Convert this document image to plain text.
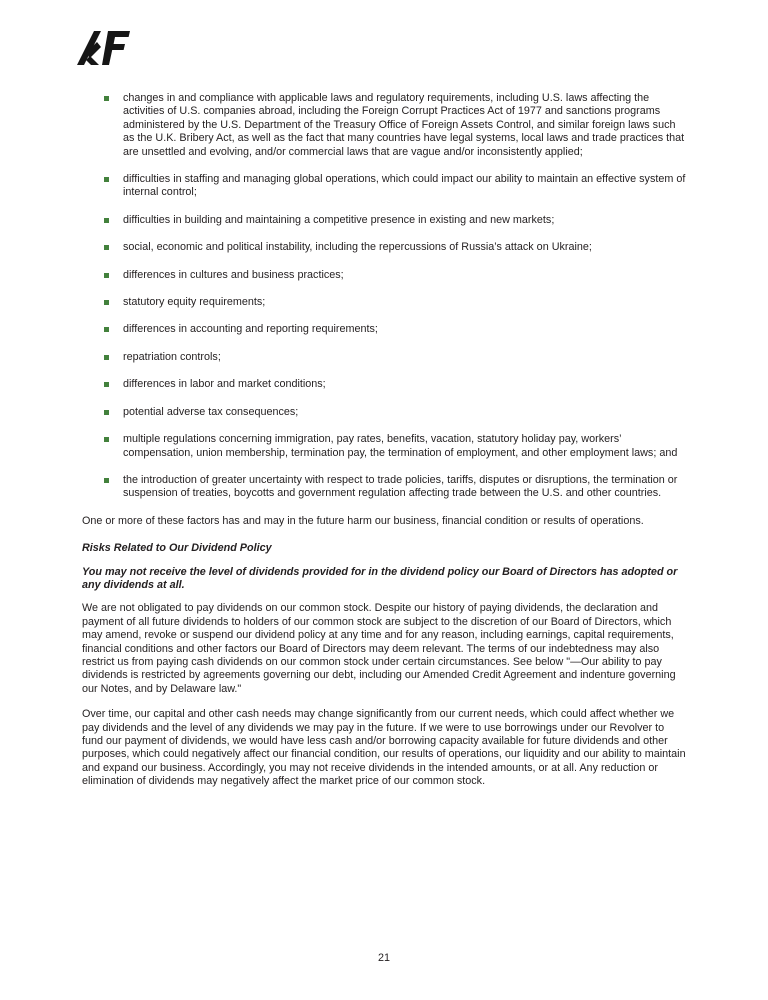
changes in and compliance with applicable laws and regulatory requirements, including U.S. laws affecting the activities of U.S. companies abroad, including the Foreign Corrupt Practices Act of 1977 and sanctions programs administered by the U.S. Department of the Treasury Office of Foreign Assets Control, and similar foreign laws such as the U.K. Bribery Act, as well as the fact that many countries have legal systems, local laws and trade practices that are unsettled and evolving, and/or commercial laws that are vague and/or inconsistently applied;
difficulties in staffing and managing global operations, which could impact our ability to maintain an effective system of internal control;
difficulties in building and maintaining a competitive presence in existing and new markets;
social, economic and political instability, including the repercussions of Russia’s attack on Ukraine;
differences in cultures and business practices;
statutory equity requirements;
differences in accounting and reporting requirements;
repatriation controls;
differences in labor and market conditions;
potential adverse tax consequences;
multiple regulations concerning immigration, pay rates, benefits, vacation, statutory holiday pay, workers’ compensation, union membership, termination pay, the termination of employment, and other employment laws; and
the introduction of greater uncertainty with respect to trade policies, tariffs, disputes or disruptions, the termination or suspension of treaties, boycotts and government regulation affecting trade between the U.S. and other countries.

One or more of these factors has and may in the future harm our business, financial condition or results of operations.

Risks Related to Our Dividend Policy
You may not receive the level of dividends provided for in the dividend policy our Board of Directors has adopted or any dividends at all.

We are not obligated to pay dividends on our common stock. Despite our history of paying dividends, the declaration and payment of all future dividends to holders of our common stock are subject to the discretion of our Board of Directors, which may amend, revoke or suspend our dividend policy at any time and for any reason, including earnings, capital requirements, financial conditions and other factors our Board of Directors may deem relevant. The terms of our indebtedness may also restrict us from paying cash dividends on our common stock under certain circumstances. See below "—Our ability to pay dividends is restricted by agreements governing our debt, including our Amended Credit Agreement and indenture governing our Notes, and by Delaware law."

Over time, our capital and other cash needs may change significantly from our current needs, which could affect whether we pay dividends and the level of any dividends we may pay in the future. If we were to use borrowings under our Revolver to fund our payment of dividends, we would have less cash and/or borrowing capacity available for future dividends and other purposes, which could negatively affect our financial condition, our results of operations, our liquidity and our ability to maintain and expand our business. Accordingly, you may not receive dividends in the intended amounts, or at all. Any reduction or elimination of dividends may negatively affect the market price of our common stock.

21
